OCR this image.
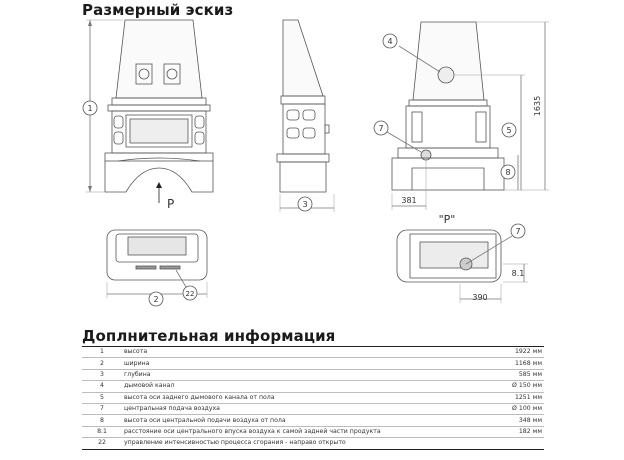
Размерный эскиз
1
4
7	5
8
3
2
22
7
8.1
P
"P"
1635
381
390
Доплнительная информация
1	высота	1922 мм
2	ширина	1168 мм
3	глубина	585 мм
4	дымовой канал	Ø 150 мм
5	высота оси заднего дымового канала от пола	1251 мм
7	центральная подача воздуха	Ø 100 мм
8	высота оси центральной подачи воздуха от пола	348 мм
8.1	расстояние оси центрального впуска воздуха к самой задней части продукта	182 мм
22	управление интенсивностью процесса сгорания - направо открыто	
